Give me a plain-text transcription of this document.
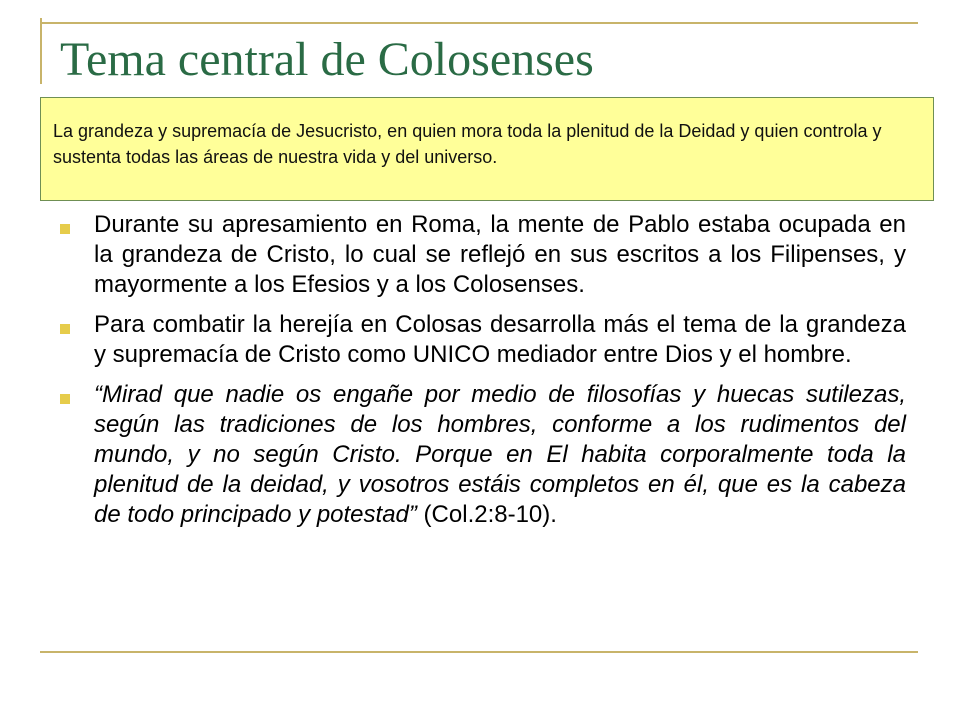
Tema central de Colosenses
La grandeza y supremacía de Jesucristo, en quien mora toda la plenitud de la Deidad y quien controla y sustenta todas las áreas de nuestra vida y del universo.
Durante su apresamiento en Roma, la mente de Pablo estaba ocupada en la grandeza de Cristo, lo cual se reflejó en sus escritos a los Filipenses, y mayormente a los Efesios y a los Colosenses.
Para combatir la herejía en Colosas desarrolla más el tema de la grandeza y supremacía de Cristo como UNICO mediador entre Dios y el hombre.
“Mirad que nadie os engañe por medio de filosofías y huecas sutilezas, según las tradiciones de los hombres, conforme a los rudimentos del mundo, y no según Cristo. Porque en El habita corporalmente toda la plenitud de la deidad, y vosotros estáis completos en él, que es la cabeza de todo principado y potestad” (Col.2:8-10).
